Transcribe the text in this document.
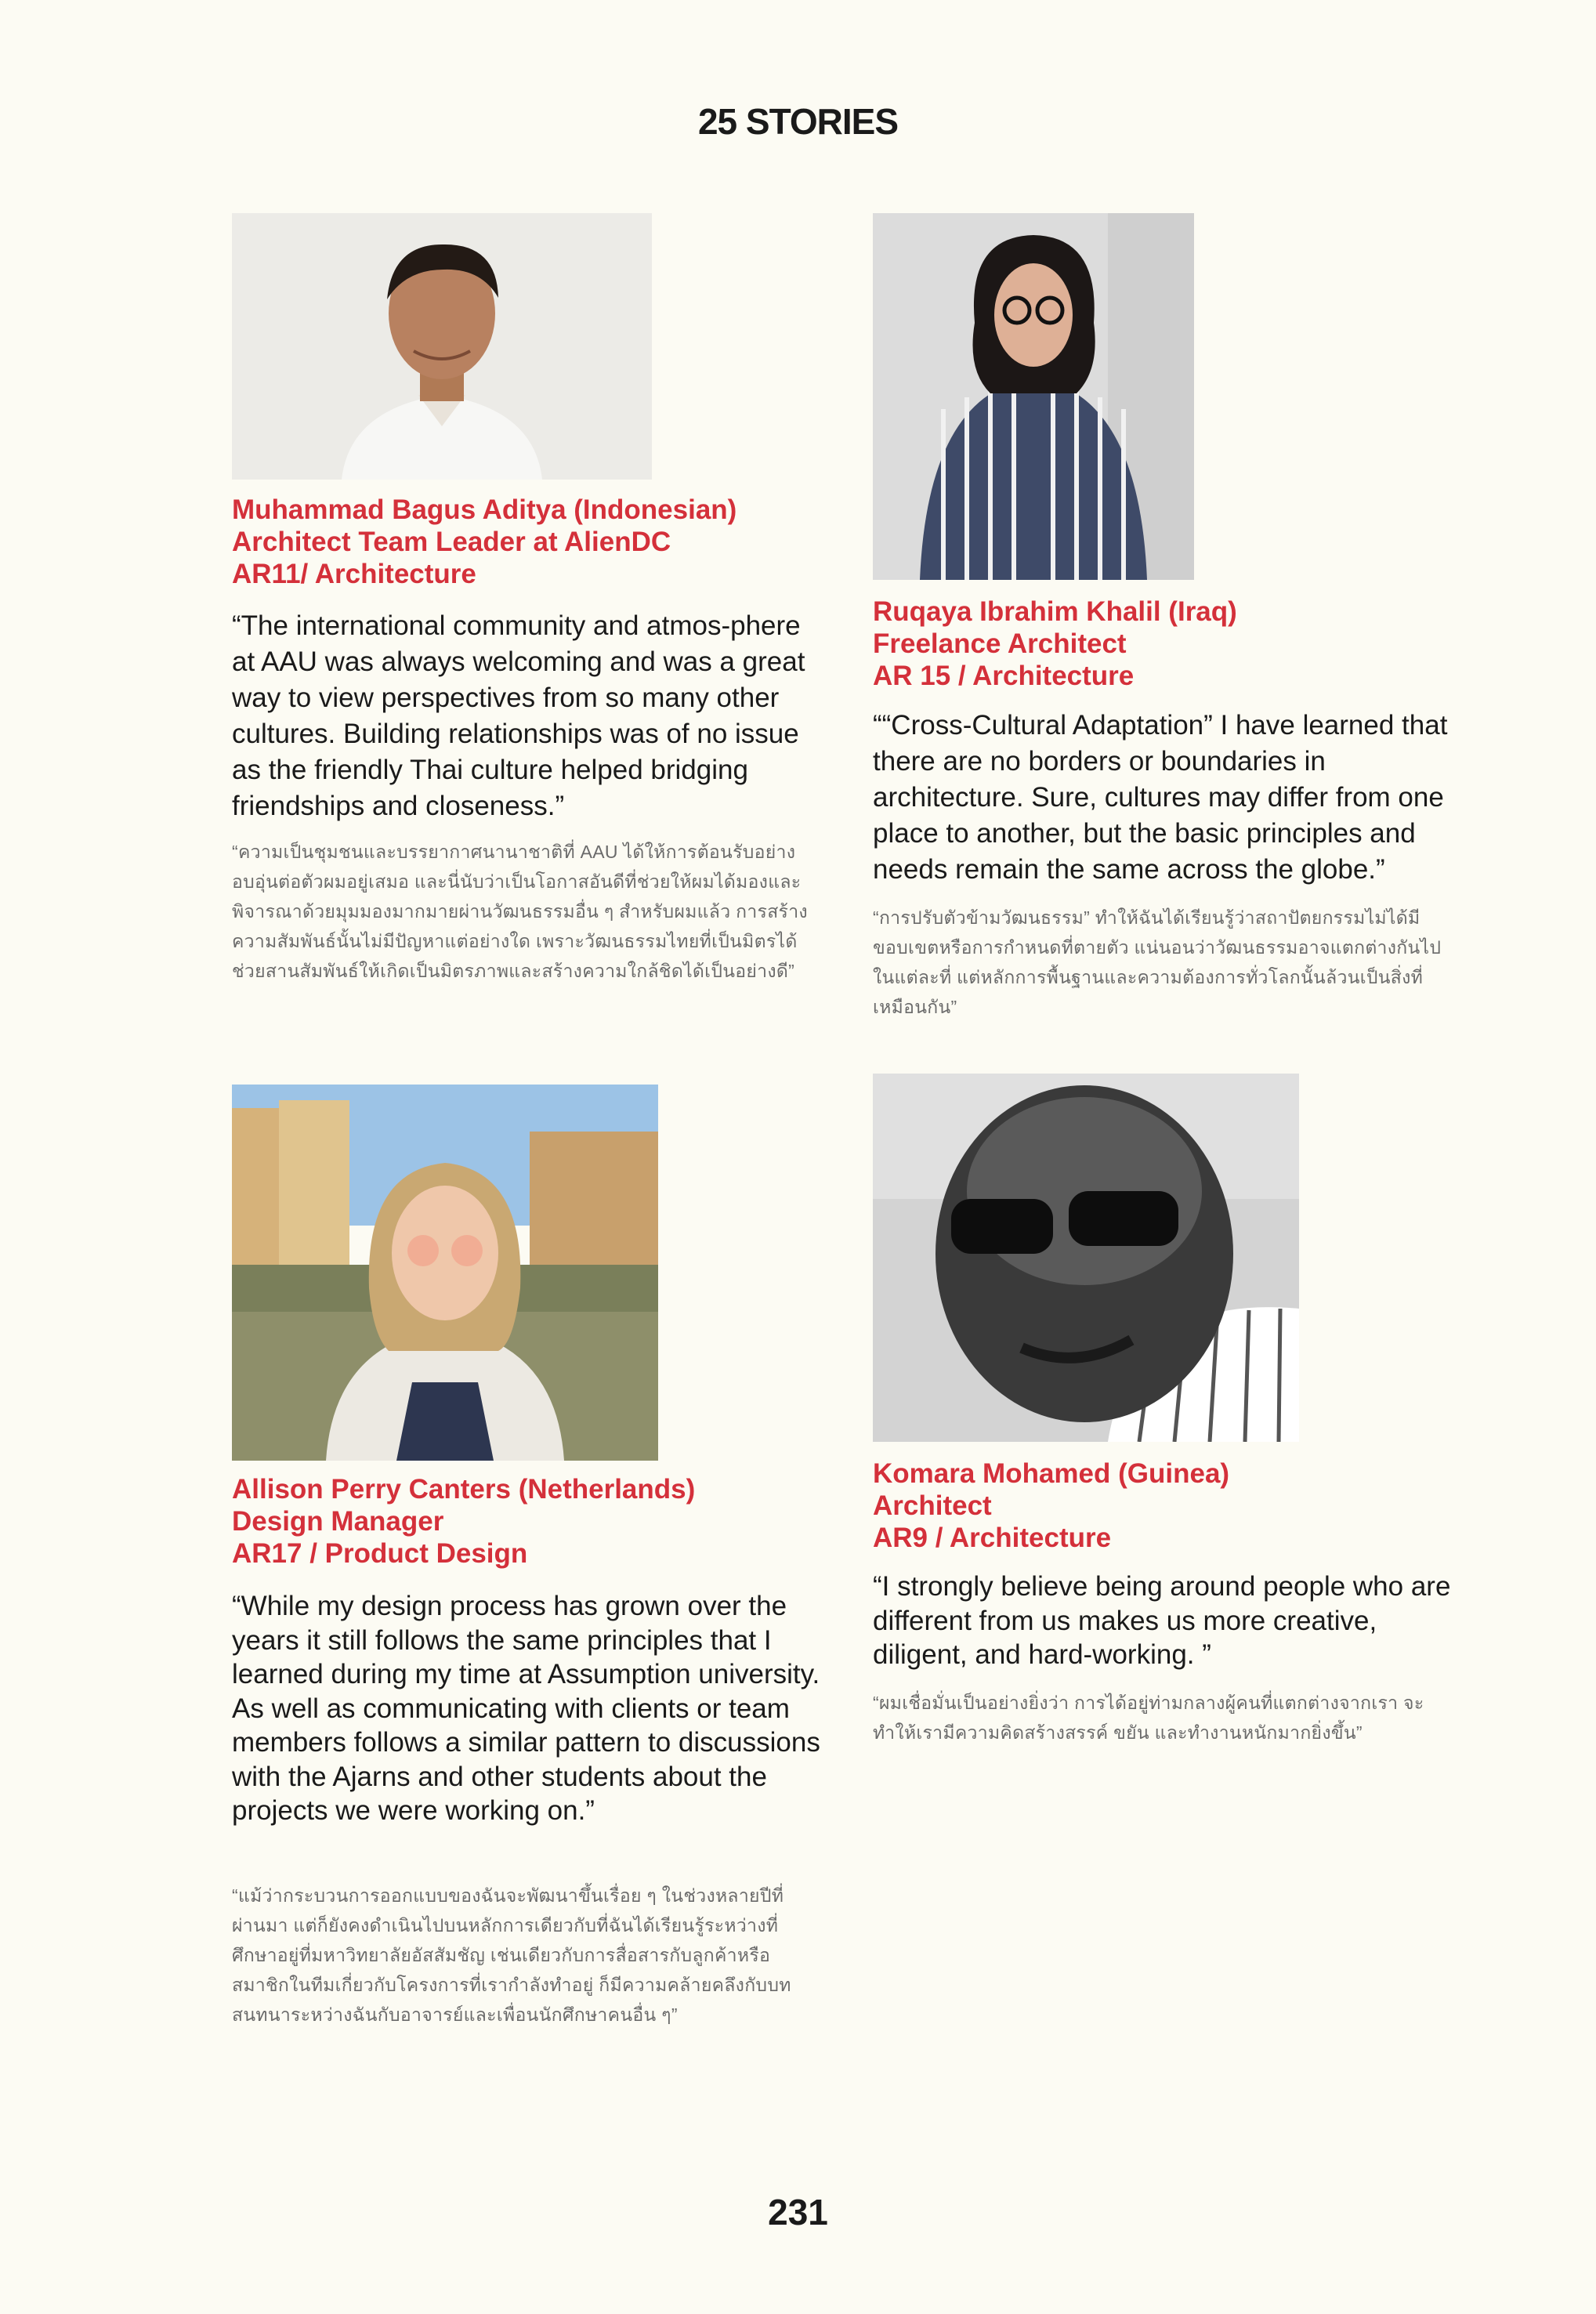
25 STORIES
Muhammad Bagus Aditya (Indonesian)
Architect Team Leader at AlienDC
AR11/ Architecture
“The international community and atmos-phere at AAU was always welcoming and was a great way to view perspectives from so many other cultures. Building relationships was of no issue as the friendly Thai culture helped bridging friendships and closeness.”
“ความเป็นชุมชนและบรรยากาศนานาชาติที่ AAU ได้ให้การต้อนรับอย่างอบอุ่นต่อตัวผมอยู่เสมอ และนี่นับว่าเป็นโอกาสอันดีที่ช่วยให้ผมได้มองและพิจารณาด้วยมุมมองมากมายผ่านวัฒนธรรมอื่น ๆ สำหรับผมแล้ว การสร้างความสัมพันธ์นั้นไม่มีปัญหาแต่อย่างใด เพราะวัฒนธรรมไทยที่เป็นมิตรได้ช่วยสานสัมพันธ์ให้เกิดเป็นมิตรภาพและสร้างความใกล้ชิดได้เป็นอย่างดี”
Ruqaya Ibrahim Khalil (Iraq)
Freelance Architect
AR 15 / Architecture
““Cross-Cultural Adaptation” I have learned that there are no borders or boundaries in architecture. Sure, cultures may differ from one place to another, but the basic principles and needs remain the same across the globe.”
“การปรับตัวข้ามวัฒนธรรม” ทำให้ฉันได้เรียนรู้ว่าสถาปัตยกรรมไม่ได้มีขอบเขตหรือการกำหนดที่ตายตัว แน่นอนว่าวัฒนธรรมอาจแตกต่างกันไปในแต่ละที่ แต่หลักการพื้นฐานและความต้องการทั่วโลกนั้นล้วนเป็นสิ่งที่เหมือนกัน”
Allison Perry Canters (Netherlands)
Design Manager
AR17 / Product Design
“While my design process has grown over the years it still follows the same principles that I learned during my time at Assumption university. As well as communicating with clients or team members follows a similar pattern to discussions with the Ajarns and other students about the projects we were working on.”
“แม้ว่ากระบวนการออกแบบของฉันจะพัฒนาขึ้นเรื่อย ๆ ในช่วงหลายปีที่ผ่านมา แต่ก็ยังคงดำเนินไปบนหลักการเดียวกับที่ฉันได้เรียนรู้ระหว่างที่ศึกษาอยู่ที่มหาวิทยาลัยอัสสัมชัญ เช่นเดียวกับการสื่อสารกับลูกค้าหรือสมาชิกในทีมเกี่ยวกับโครงการที่เรากำลังทำอยู่ ก็มีความคล้ายคลึงกับบทสนทนาระหว่างฉันกับอาจารย์และเพื่อนนักศึกษาคนอื่น ๆ”
Komara Mohamed (Guinea)
Architect
AR9 / Architecture
“I strongly believe being around people who are different from us makes us more creative, diligent, and hard-working. ”
“ผมเชื่อมั่นเป็นอย่างยิ่งว่า การได้อยู่ท่ามกลางผู้คนที่แตกต่างจากเรา จะทำให้เรามีความคิดสร้างสรรค์ ขยัน และทำงานหนักมากยิ่งขึ้น”
231
